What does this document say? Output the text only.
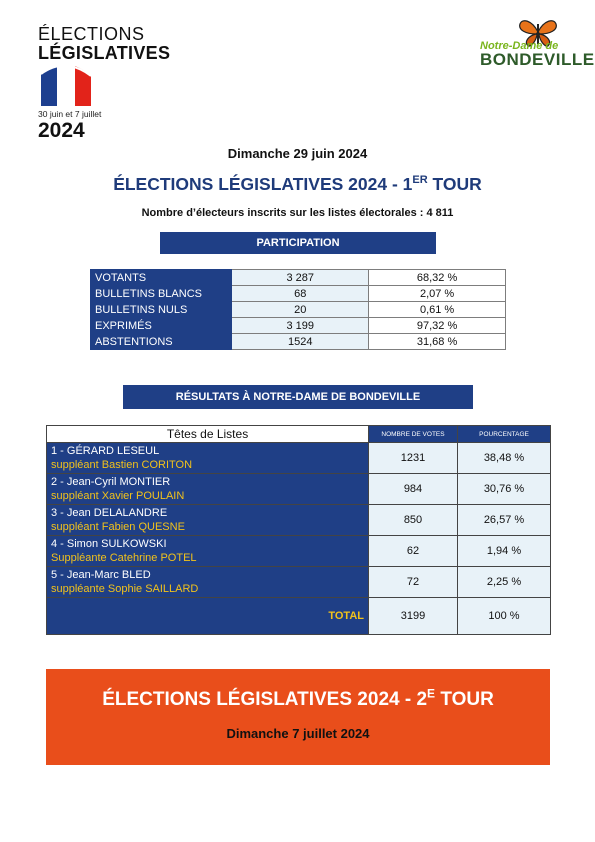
ÉLECTIONS
LÉGISLATIVES
30 juin et 7 juillet
2024
Notre-Dame de
BONDEVILLE
Dimanche 29 juin 2024
ÉLECTIONS LÉGISLATIVES 2024 - 1ER TOUR
Nombre d’électeurs inscrits sur les listes électorales : 4 811
PARTICIPATION
VOTANTS	3 287	68,32 %
BULLETINS BLANCS	68	2,07 %
BULLETINS NULS	20	0,61 %
EXPRIMÉS	3 199	97,32 %
ABSTENTIONS	1524	31,68 %
RÉSULTATS À NOTRE-DAME DE BONDEVILLE
Têtes de Listes	NOMBRE DE VOTES	POURCENTAGE
1 - GÉRARD LESEUL
suppléant Bastien CORITON	1231	38,48 %
2 - Jean-Cyril MONTIER
suppléant Xavier POULAIN	984	30,76 %
3 - Jean DELALANDRE
suppléant Fabien QUESNE	850	26,57 %
4 - Simon SULKOWSKI
Suppléante Catehrine POTEL	62	1,94 %
5 - Jean-Marc BLED
suppléante Sophie SAILLARD	72	2,25 %
TOTAL	3199	100 %
ÉLECTIONS LÉGISLATIVES $2024 - 2^E$ TOUR
Dimanche 7 juillet 2024
